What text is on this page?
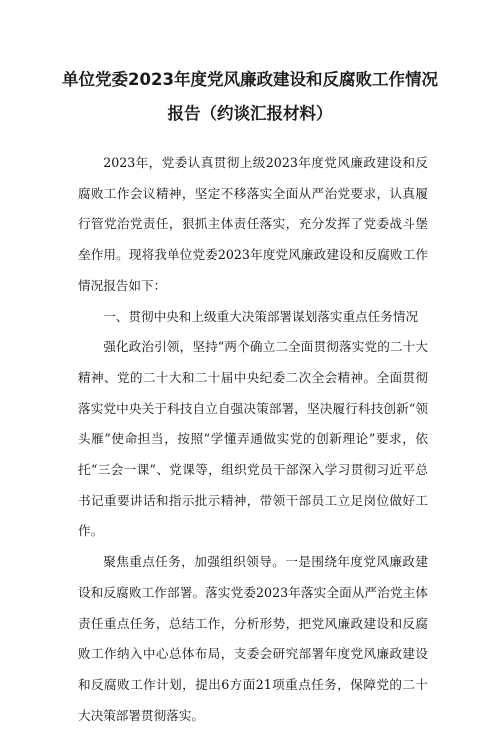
单位党委2023年度党风廉政建设和反腐败工作情况
报告（约谈汇报材料）

2023年，党委认真贯彻上级2023年度党风廉政建设和反腐败工作会议精神，坚定不移落实全面从严治党要求，认真履行管党治党责任，狠抓主体责任落实，充分发挥了党委战斗堡垒作用。现将我单位党委2023年度党风廉政建设和反腐败工作情况报告如下：

一、贯彻中央和上级重大决策部署谋划落实重点任务情况

强化政治引领，坚持“两个确立二全面贯彻落实党的二十大精神、党的二十大和二十届中央纪委二次全会精神。全面贯彻落实党中央关于科技自立自强决策部署，坚决履行科技创新“领头雁”使命担当，按照“学懂弄通做实党的创新理论”要求，依托“三会一课”、党课等，组织党员干部深入学习贯彻习近平总书记重要讲话和指示批示精神，带领干部员工立足岗位做好工作。

聚焦重点任务，加强组织领导。一是围绕年度党风廉政建设和反腐败工作部署。落实党委2023年落实全面从严治党主体责任重点任务，总结工作，分析形势，把党风廉政建设和反腐败工作纳入中心总体布局，支委会研究部署年度党风廉政建设和反腐败工作计划，提出6方面21项重点任务，保障党的二十大决策部署贯彻落实。
